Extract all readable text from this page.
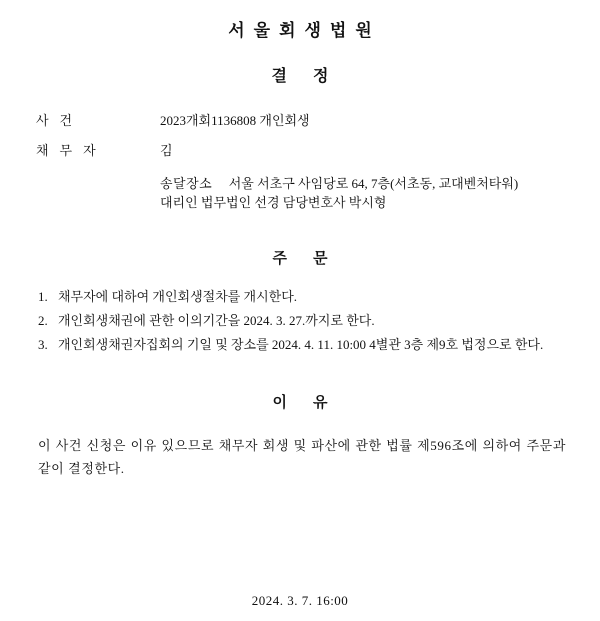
서울회생법원
결정
사건	2023개회1136808 개인회생
채무자	김
송달장소 서울 서초구 사임당로 64, 7층(서초동, 교대벤처타워)
대리인 법무법인 선경 담당변호사 박시형
주문
1. 채무자에 대하여 개인회생절차를 개시한다.
2. 개인회생채권에 관한 이의기간을 2024. 3. 27.까지로 한다.
3. 개인회생채권자집회의 기일 및 장소를 2024. 4. 11. 10:00 4별관 3층 제9호 법정으로 한다.
이유
이 사건 신청은 이유 있으므로 채무자 회생 및 파산에 관한 법률 제596조에 의하여 주문과 같이 결정한다.
2024. 3. 7. 16:00
